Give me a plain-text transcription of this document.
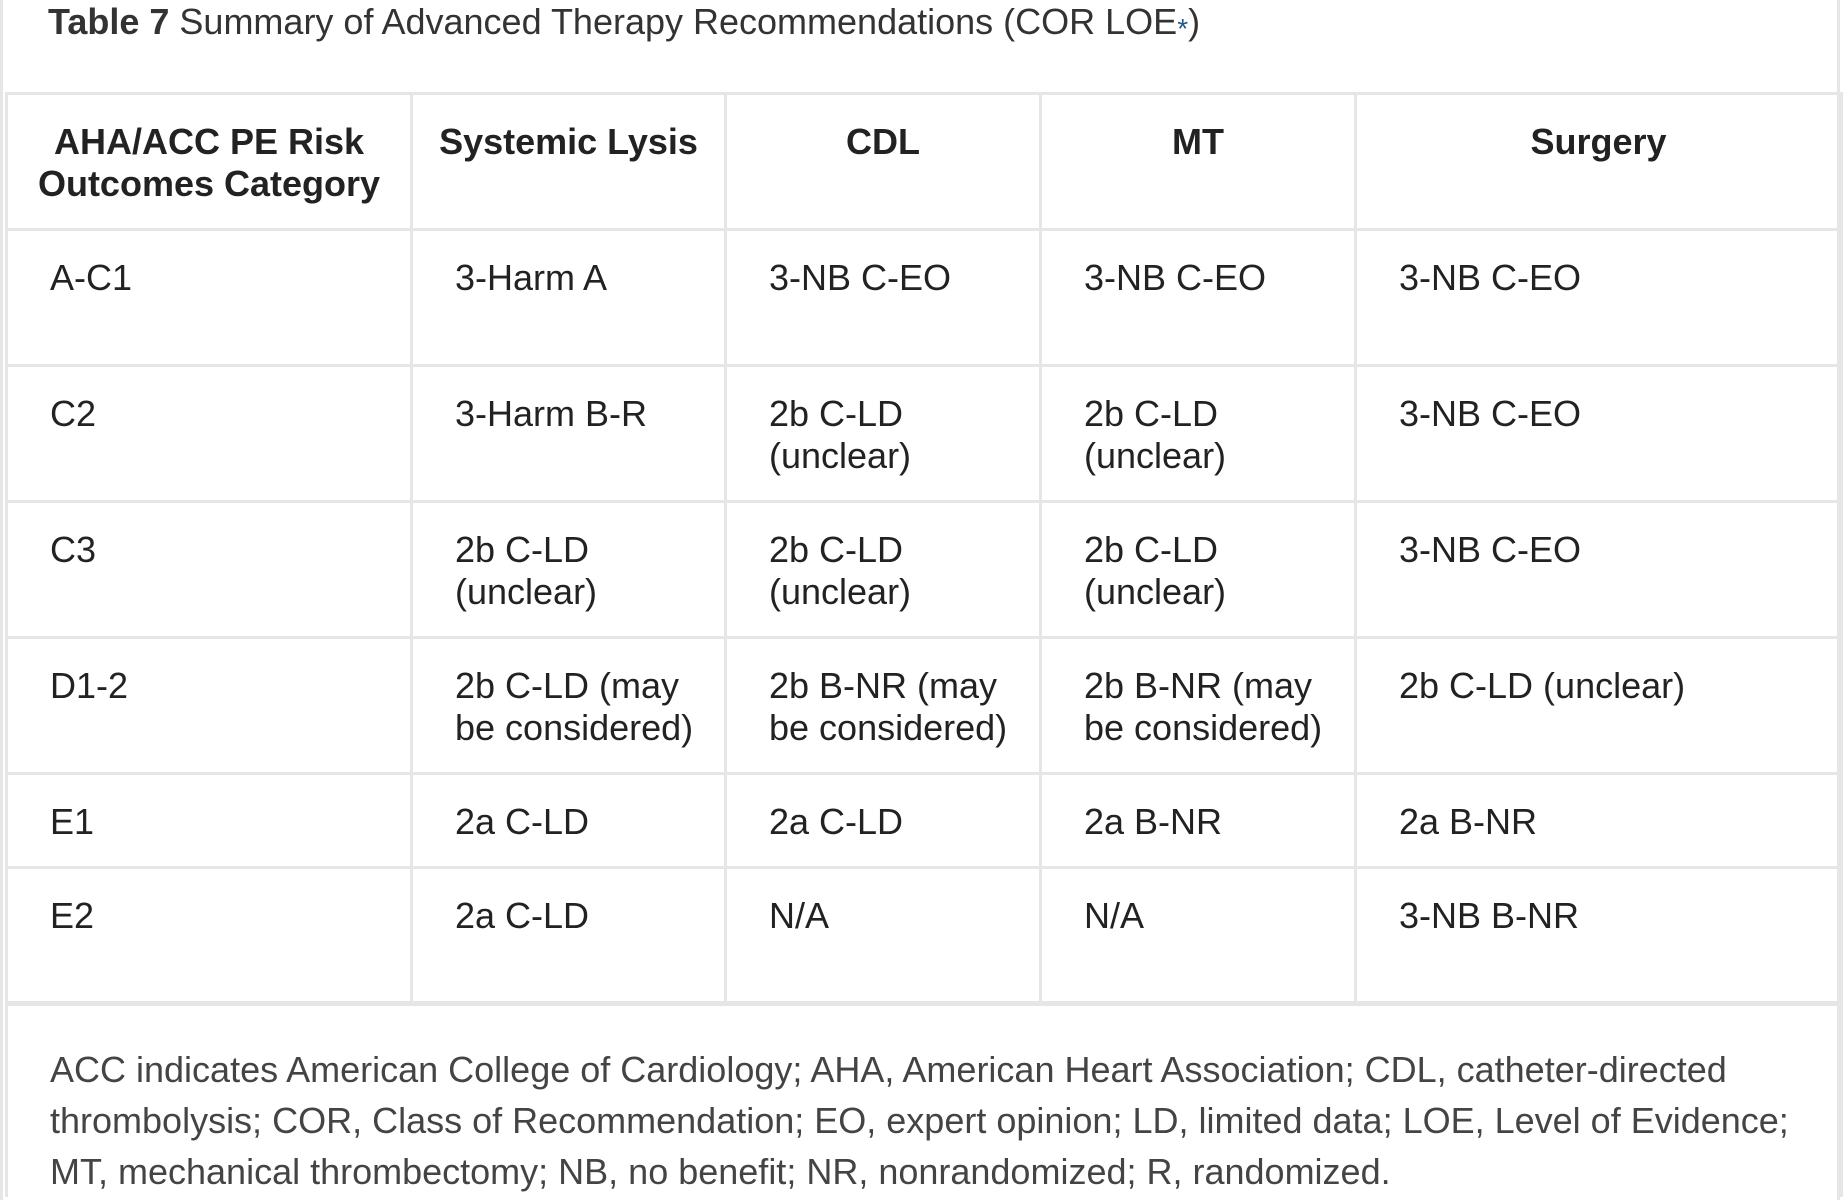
Table 7 Summary of Advanced Therapy Recommendations (COR LOE*)
AHA/ACC PE Risk Outcomes Category	Systemic Lysis	CDL	MT	Surgery
A-C1	3-Harm A	3-NB C-EO	3-NB C-EO	3-NB C-EO
C2	3-Harm B-R	2b C-LD (unclear)	2b C-LD (unclear)	3-NB C-EO
C3	2b C-LD (unclear)	2b C-LD (unclear)	2b C-LD (unclear)	3-NB C-EO
D1-2	2b C-LD (may be considered)	2b B-NR (may be considered)	2b B-NR (may be considered)	2b C-LD (unclear)
E1	2a C-LD	2a C-LD	2a B-NR	2a B-NR
E2	2a C-LD	N/A	N/A	3-NB B-NR
ACC indicates American College of Cardiology; AHA, American Heart Association; CDL, catheter-directed thrombolysis; COR, Class of Recommendation; EO, expert opinion; LD, limited data; LOE, Level of Evidence; MT, mechanical thrombectomy; NB, no benefit; NR, nonrandomized; R, randomized.				
